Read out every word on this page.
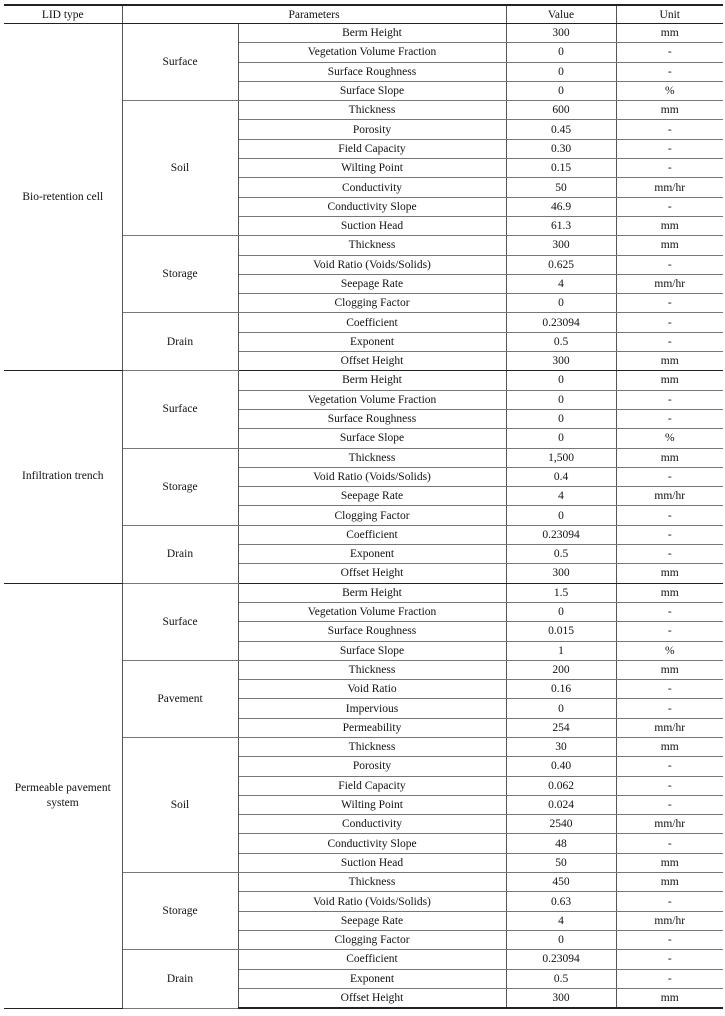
LID type	Parameters		Value	Unit
Bio-retention cell	Surface	Berm Height	300	mm
		Vegetation Volume Fraction	0	-
		Surface Roughness	0	-
		Surface Slope	0	%
	Soil	Thickness	600	mm
		Porosity	0.45	-
		Field Capacity	0.30	-
		Wilting Point	0.15	-
		Conductivity	50	mm/hr
		Conductivity Slope	46.9	-
		Suction Head	61.3	mm
	Storage	Thickness	300	mm
		Void Ratio (Voids/Solids)	0.625	-
		Seepage Rate	4	mm/hr
		Clogging Factor	0	-
	Drain	Coefficient	0.23094	-
		Exponent	0.5	-
		Offset Height	300	mm
Infiltration trench	Surface	Berm Height	0	mm
		Vegetation Volume Fraction	0	-
		Surface Roughness	0	-
		Surface Slope	0	%
	Storage	Thickness	1,500	mm
		Void Ratio (Voids/Solids)	0.4	-
		Seepage Rate	4	mm/hr
		Clogging Factor	0	-
	Drain	Coefficient	0.23094	-
		Exponent	0.5	-
		Offset Height	300	mm
Permeable pavement system	Surface	Berm Height	1.5	mm
		Vegetation Volume Fraction	0	-
		Surface Roughness	0.015	-
		Surface Slope	1	%
	Pavement	Thickness	200	mm
		Void Ratio	0.16	-
		Impervious	0	-
		Permeability	254	mm/hr
	Soil	Thickness	30	mm
		Porosity	0.40	-
		Field Capacity	0.062	-
		Wilting Point	0.024	-
		Conductivity	2540	mm/hr
		Conductivity Slope	48	-
		Suction Head	50	mm
	Storage	Thickness	450	mm
		Void Ratio (Voids/Solids)	0.63	-
		Seepage Rate	4	mm/hr
		Clogging Factor	0	-
	Drain	Coefficient	0.23094	-
		Exponent	0.5	-
		Offset Height	300	mm
